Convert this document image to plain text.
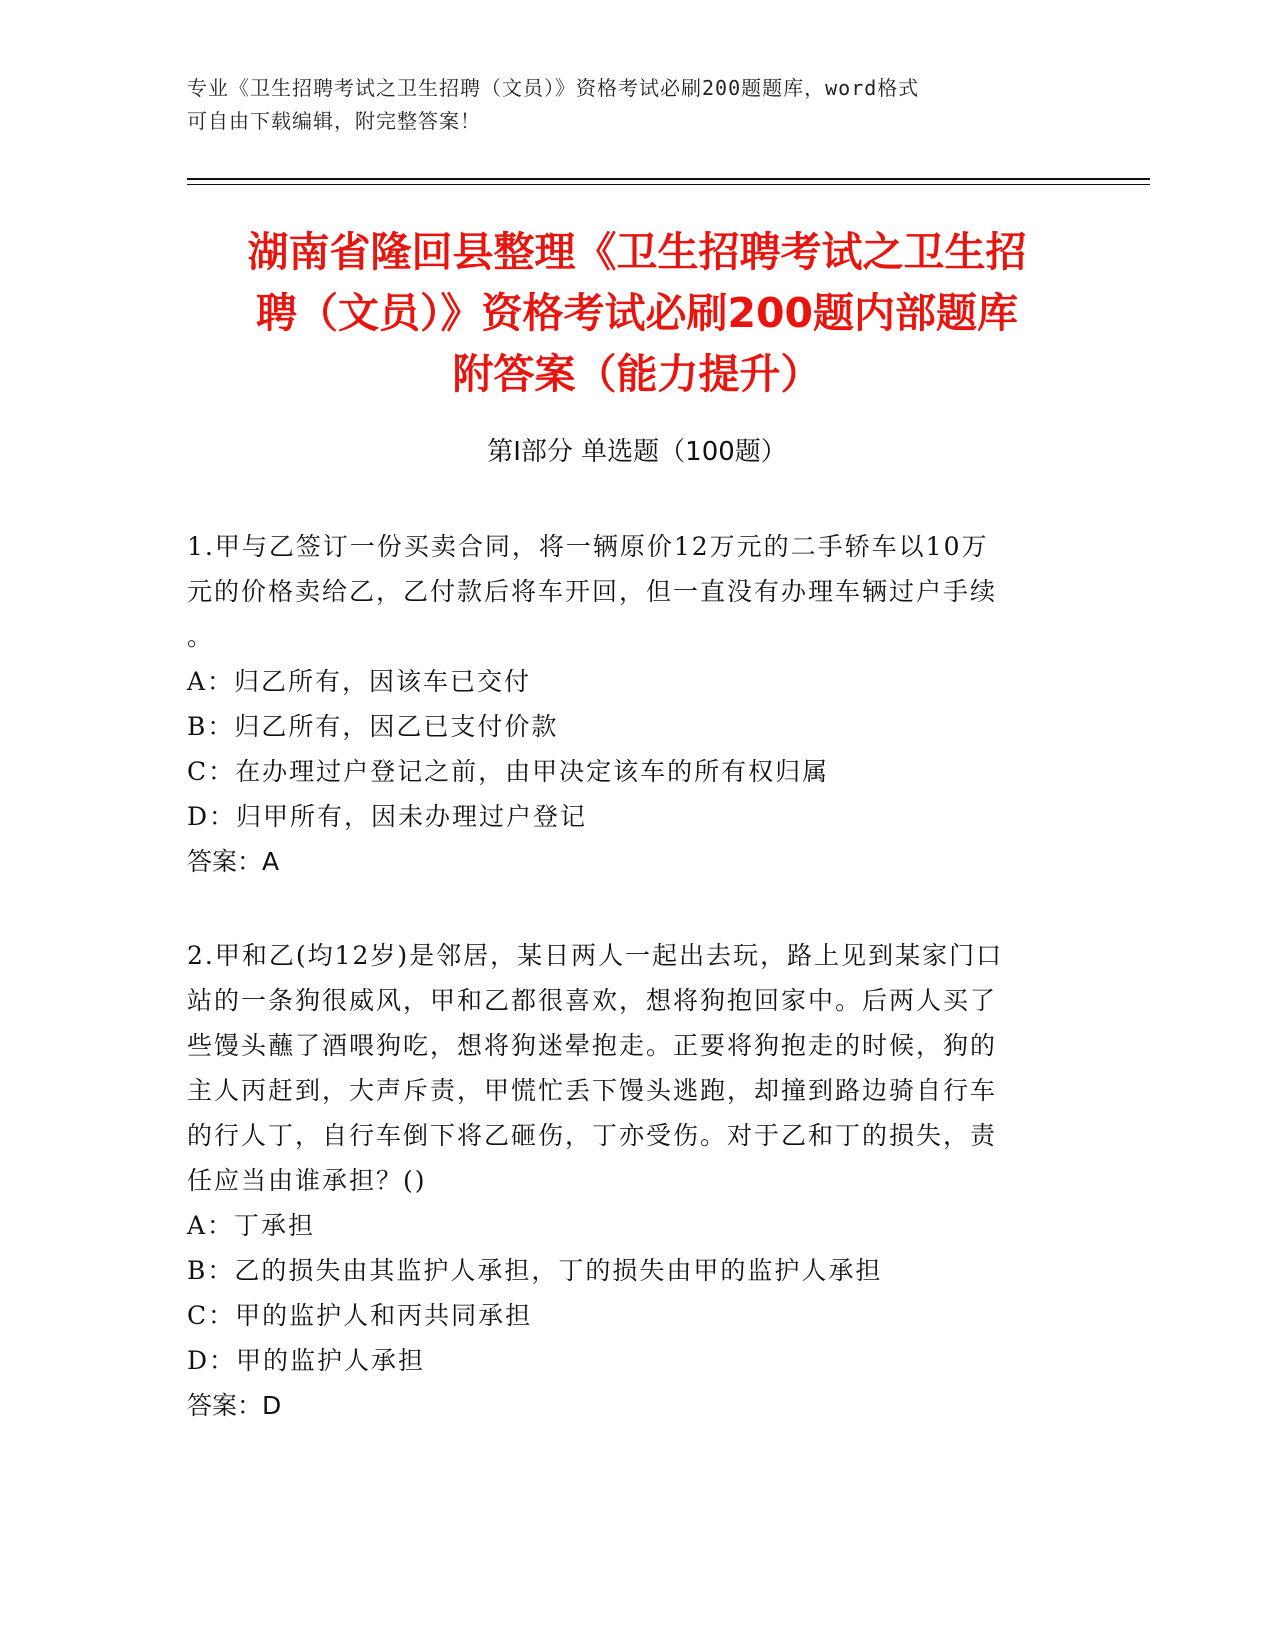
专业《卫生招聘考试之卫生招聘（文员）》资格考试必刷200题题库，word格式
可自由下载编辑，附完整答案！
湖南省隆回县整理《卫生招聘考试之卫生招
聘（文员）》资格考试必刷200题内部题库
附答案（能力提升）
第Ⅰ部分 单选题（100题）
1.甲与乙签订一份买卖合同，将一辆原价12万元的二手轿车以10万
元的价格卖给乙，乙付款后将车开回，但一直没有办理车辆过户手续
。
A：归乙所有，因该车已交付
B：归乙所有，因乙已支付价款
C：在办理过户登记之前，由甲决定该车的所有权归属
D：归甲所有，因未办理过户登记
答案：A
2.甲和乙(均12岁)是邻居，某日两人一起出去玩，路上见到某家门口
站的一条狗很威风，甲和乙都很喜欢，想将狗抱回家中。后两人买了
些馒头蘸了酒喂狗吃，想将狗迷晕抱走。正要将狗抱走的时候，狗的
主人丙赶到，大声斥责，甲慌忙丢下馒头逃跑，却撞到路边骑自行车
的行人丁，自行车倒下将乙砸伤，丁亦受伤。对于乙和丁的损失，责
任应当由谁承担？()
A：丁承担
B：乙的损失由其监护人承担，丁的损失由甲的监护人承担
C：甲的监护人和丙共同承担
D：甲的监护人承担
答案：D
